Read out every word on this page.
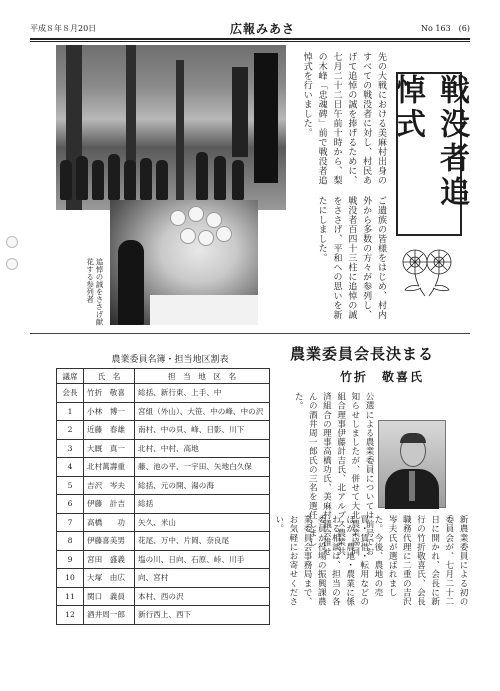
平成８年８月20日	広報みあさ	No 163　(6)
追悼の誠をささげ献花する参列者
先の大戦における美麻村出身のすべての戦没者に対し、村民あげて追悼の誠を捧げるために、七月二十二日午前十時から、梨の木峰「忠魂碑」前で戦没者追悼式を行いました。
ご遺族の皆様をはじめ、村内外から多数の方々が参列し、戦没者百四十三柱に追悼の誠をささげ、平和への思いを新たにしました。
戦没者追悼式
農業委員名簿・担当地区割表
議席	氏　名	担　当　地　区　名
会長	竹折　敬喜	総括、新行東、上手、中
1	小林　博一	宮組（外山）、大笹、中の峰、中の沢
2	近藤　春雄	南村、中の貝、峰、日影、川下
3	大厩　真一	北村、中村、高地
4	北村萬壽重	藤、池の平、一宇田、矢地白久保
5	吉沢　岑夫	総括、元の開、湯の海
6	伊藤　計吉	総括
7	高橋　　功	矢久、米山
8	伊藤喜美男	花尾、万中、片岡、奈良尾
9	宮田　盛義	塩の川、日向、石原、峠、川手
10	大塚　由広	向、宮村
11	関口　義員	本村、西の沢
12	酒井周一郎	新行西上、西下
農業委員会長決まる
竹折　敬喜氏
公選による農業委員については前号でお知らせしましたが、併せて大北農業協同組合理事伊藤計吉氏、北アルプス農業共済組合の理事高橋功氏、美麻村議会推せんの酒井周一郎氏の三名を選任しました。
新農業委員による初の委員会が、七月二十二日に開かれ、会長に新行の竹折敬喜氏、会長職務代理に二重の吉沢岑夫氏が選ばれました。今後、農地の売買・賃借・転用などのほか、農地・農業に係わる相談は、担当の各委員か役場の振興課農業委員会事務局まで、お気軽にお寄せください。
